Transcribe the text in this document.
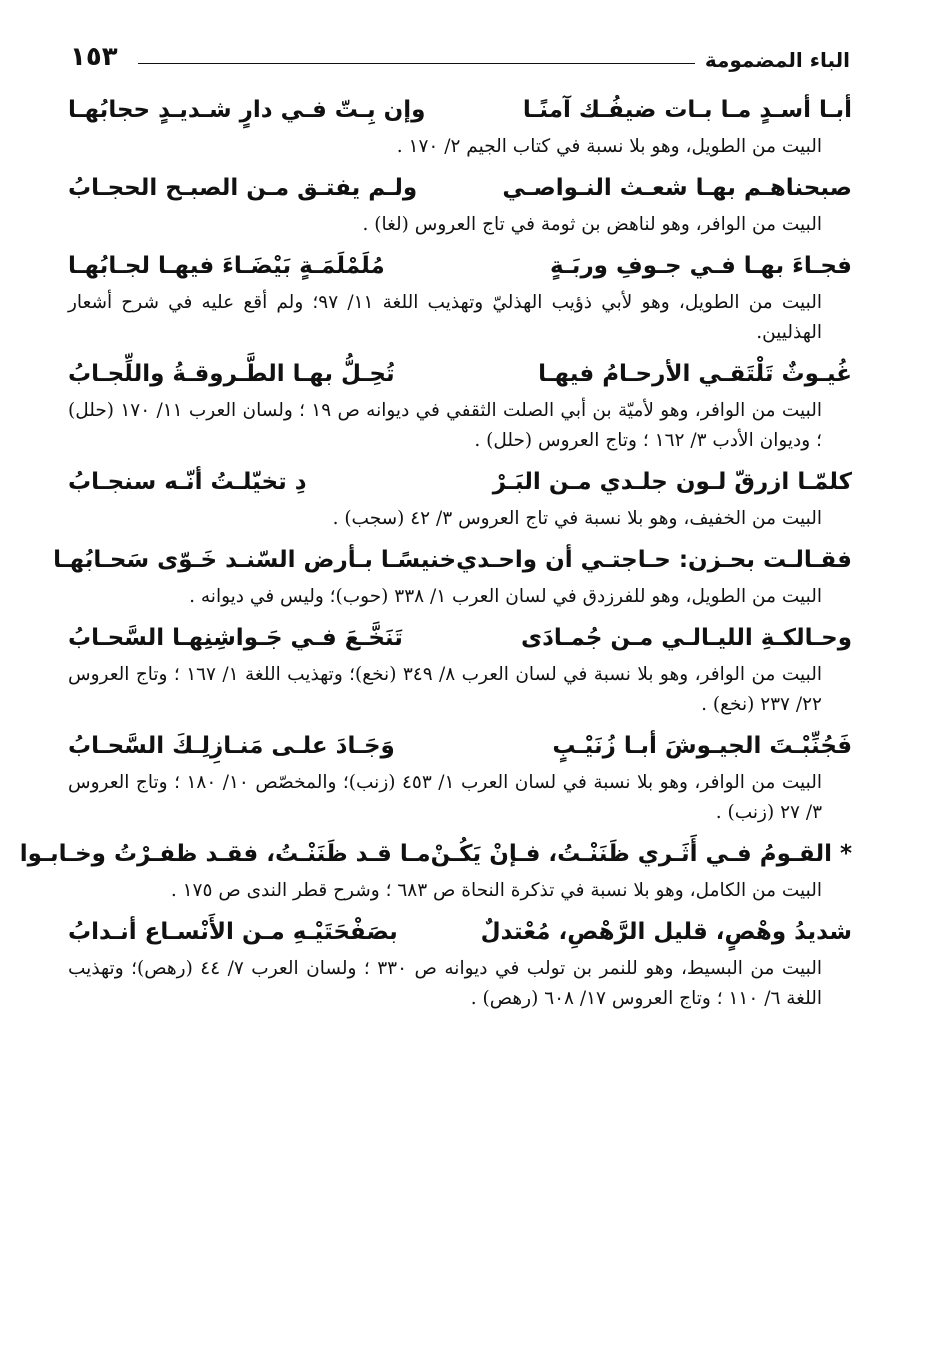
الباء المضمومة
١٥٣
أبـا أسـدٍ مـا بـات ضيفُـك آمنًـا
وإن بِـتّ فـي دارٍ شـديـدٍ حجابُهـا
البيت من الطويل، وهو بلا نسبة في كتاب الجيم ٢/ ١٧٠ .
صبحناهـم بهـا شعـث النـواصـي
ولـم يفتـق مـن الصبـح الحجـابُ
البيت من الوافر، وهو لناهض بن ثومة في تاج العروس (لغا) .
فجـاءَ بهـا فـي جـوفِ وربَـةٍ
مُلَمْلَمَـةٍ بَيْضَـاءَ فيهـا لجـابُهـا
البيت من الطويل، وهو لأبي ذؤيب الهذليّ وتهذيب اللغة ١١/ ٩٧؛ ولم أقع عليه في شرح أشعار الهذليين.
غُيـوثٌ تَلْتَقـي الأرحـامُ فيهـا
تُحِـلُّ بهـا الطَّـروقـةُ واللِّجـابُ
البيت من الوافر، وهو لأميّة بن أبي الصلت الثقفي في ديوانه ص ١٩ ؛ ولسان العرب ١١/ ١٧٠ (حلل) ؛ وديوان الأدب ٣/ ١٦٢ ؛ وتاج العروس (حلل) .
كلمّـا ازرقّ لـون جلـدي مـن البَـرْ
دِ تخيّلـتُ أنّـه سنجـابُ
البيت من الخفيف، وهو بلا نسبة في تاج العروس ٣/ ٤٢ (سجب) .
فقـالـت بحـزن: حـاجتـي أن واحـدي
خنيسًـا بـأرض السّنـد خَـوّى سَحـابُهـا
البيت من الطويل، وهو للفرزدق في لسان العرب ١/ ٣٣٨ (حوب)؛ وليس في ديوانه .
وحـالكـةِ الليـالـي مـن جُمـادَى
تَنَخَّـعَ فـي جَـواشِنِهـا السَّحـابُ
البيت من الوافر، وهو بلا نسبة في لسان العرب ٨/ ٣٤٩ (نخع)؛ وتهذيب اللغة ١/ ١٦٧ ؛ وتاج العروس ٢٢/ ٢٣٧ (نخع) .
فَجُنِّبْـتَ الجيـوشَ أبـا زُنَيْـبٍ
وَجَـادَ علـى مَنـازِلِـكَ السَّحـابُ
البيت من الوافر، وهو بلا نسبة في لسان العرب ١/ ٤٥٣ (زنب)؛ والمخصّص ١٠/ ١٨٠ ؛ وتاج العروس ٣/ ٢٧ (زنب) .
* القـومُ فـي أَثَـري ظَنَنْـتُ، فـإنْ يَكُـنْ
مـا قـد ظَنَنْـتُ، فقـد ظفـرْتُ وخـابـوا
البيت من الكامل، وهو بلا نسبة في تذكرة النحاة ص ٦٨٣ ؛ وشرح قطر الندى ص ١٧٥ .
شديدُ وهْصٍ، قليل الرَّهْصِ، مُعْتدلٌ
بصَفْحَتَيْـهِ مـن الأَنْسـاع أنـدابُ
البيت من البسيط، وهو للنمر بن تولب في ديوانه ص ٣٣٠ ؛ ولسان العرب ٧/ ٤٤ (رهص)؛ وتهذيب اللغة ٦/ ١١٠ ؛ وتاج العروس ١٧/ ٦٠٨ (رهص) .
